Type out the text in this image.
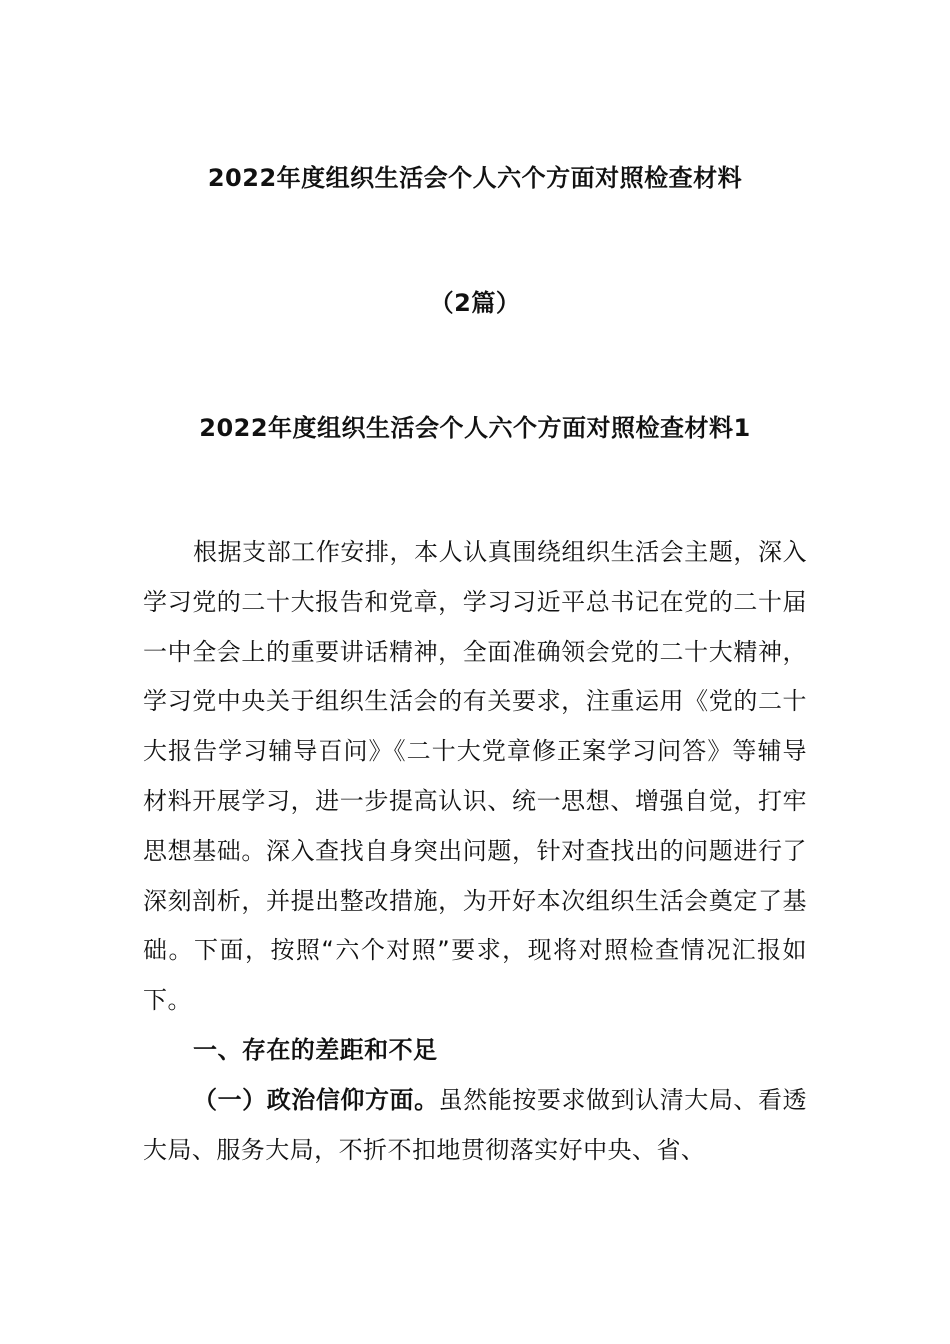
2022年度组织生活会个人六个方面对照检查材料
（2篇）
2022年度组织生活会个人六个方面对照检查材料1

根据支部工作安排，本人认真围绕组织生活会主题，深入学习党的二十大报告和党章，学习习近平总书记在党的二十届一中全会上的重要讲话精神，全面准确领会党的二十大精神，学习党中央关于组织生活会的有关要求，注重运用《党的二十大报告学习辅导百问》《二十大党章修正案学习问答》等辅导材料开展学习，进一步提高认识、统一思想、增强自觉，打牢思想基础。深入查找自身突出问题，针对查找出的问题进行了深刻剖析，并提出整改措施，为开好本次组织生活会奠定了基础。下面，按照“六个对照”要求，现将对照检查情况汇报如下。

一、存在的差距和不足

（一）政治信仰方面。虽然能按要求做到认清大局、看透大局、服务大局，不折不扣地贯彻落实好中央、省、
